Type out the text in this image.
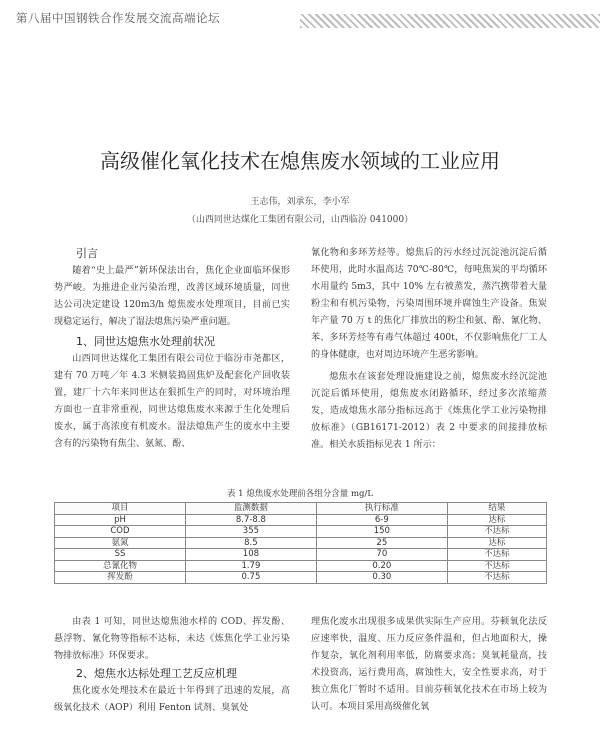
第八届中国钢铁合作发展交流高端论坛
高级催化氧化技术在熄焦废水领域的工业应用
王志伟，刘承东，李小军
（山西同世达煤化工集团有限公司，山西临汾 041000）

引言

随着“史上最严”新环保法出台，焦化企业面临环保形势严峻。为推进企业污染治理，改善区域环境质量，同世达公司决定建设 120m3/h 熄焦废水处理项目，目前已实现稳定运行，解决了湿法熄焦污染严重问题。

1、同世达熄焦水处理前状况

山西同世达煤化工集团有限公司位于临汾市尧都区，建有 70 万吨／年 4.3 米侧装捣固焦炉及配套化产回收装置，建厂十六年来同世达在狠抓生产的同时，对环境治理方面也一直非常重视，同世达熄焦废水来源于生化处理后废水，属于高浓度有机废水。湿法熄焦产生的废水中主要含有的污染物有焦尘、氨氮、酚、

氰化物和多环芳烃等。熄焦后的污水经过沉淀池沉淀后循环使用，此时水温高达 70℃-80℃，每吨焦炭的平均循环水用量约 5m3，其中 10% 左右被蒸发，蒸汽携带着大量粉尘和有机污染物，污染周围环境并腐蚀生产设备。焦炭年产量 70 万 t 的焦化厂排放出的粉尘和氨、酚、氰化物、苯、多环芳烃等有毒气体超过 400t，不仅影响焦化厂工人的身体健康，也对周边环境产生恶劣影响。

熄焦水在该套处理设施建设之前，熄焦废水经沉淀池沉淀后循环使用，熄焦废水闭路循环，经过多次浓缩蒸发，造成熄焦水部分指标远高于《炼焦化学工业污染物排放标准》（GB16171-2012）表 2 中要求的间接排放标准。相关水质指标见表 1 所示：

表 1 熄焦废水处理前各组分含量 mg/L
项目	监测数据	执行标准	结果
pH	8.7-8.8	6-9	达标
COD	355	150	不达标
氨氮	8.5	25	达标
SS	108	70	不达标
总氰化物	1.79	0.20	不达标
挥发酚	0.75	0.30	不达标

由表 1 可知，同世达熄焦池水样的 COD、挥发酚、悬浮物、氰化物等指标不达标，未达《炼焦化学工业污染物排放标准》环保要求。

2、熄焦水达标处理工艺反应机理

焦化废水处理技术在最近十年得到了迅速的发展，高级氧化技术（AOP）利用 Fenton 试剂、臭氧处

理焦化废水出现很多成果供实际生产应用。芬顿氧化法反应速率快，温度、压力反应条件温和，但占地面积大，操作复杂，氧化剂利用率低，防腐要求高；臭氧耗量高，技术投资高，运行费用高，腐蚀性大，安全性要求高，对于独立焦化厂暂时不适用。目前芬顿氧化技术在市场上较为认可。本项目采用高级催化氧
